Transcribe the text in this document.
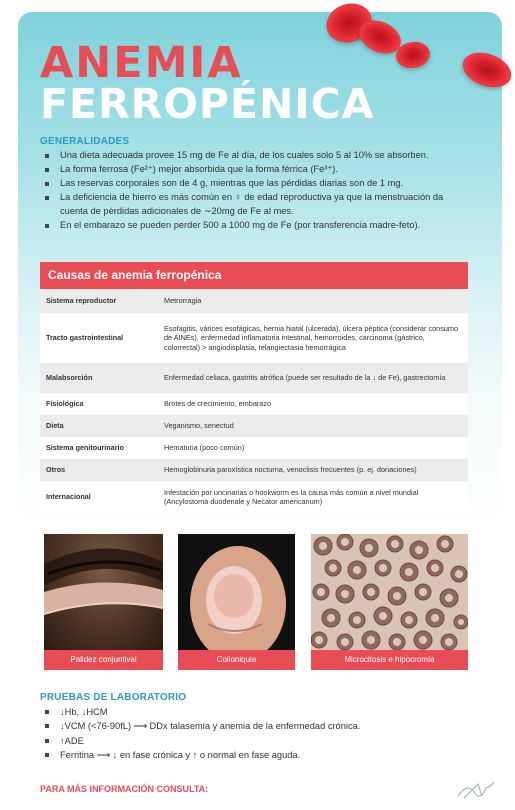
ANEMIA
FERROPÉNICA
GENERALIDADES
Una dieta adecuada provee 15 mg de Fe al día, de los cuales solo 5 al 10% se absorben.
La forma ferrosa (Fe²⁺) mejor absorbida que la forma férrica (Fe³⁺).
Las reservas corporales son de 4 g, mientras que las pérdidas diarias son de 1 mg.
La deficiencia de hierro es más común en ♀ de edad reproductiva ya que la menstruación da cuenta de pérdidas adicionales de ∼20mg de Fe al mes.
En el embarazo se pueden perder 500 a 1000 mg de Fe (por transferencia madre-feto).
Causas de anemia ferropénica
Sistema reproductor	Metrorragia
Tracto gastrointestinal	Esofagitis, várices esofágicas, hernia hiatal (ulcerada), úlcera péptica (considerar consumo de AINEs), enfermedad inflamatoria intestinal, hemorroides, carcinoma (gástrico, colorrectal) > angiodisplasia, telangiectasia hemorrágica
Malabsorción	Enfermedad celiaca, gastritis atrófica (puede ser resultado de la ↓ de Fe), gastrectomía
Fisiológica	Brotes de crecimiento, embarazo
Dieta	Veganismo, senectud
Sistema genitourinario	Hematuria (poco común)
Otros	Hemoglobinuria paroxística nocturna, venoclisis frecuentes (p. ej. donaciones)
Internacional	Infestación por uncinarias o hookworm es la causa más común a nivel mundial (Ancylostoma duodenale y Necator americanum)
Palidez conjuntival	Coiloniquia	Microcitosis e hipocromía
PRUEBAS DE LABORATORIO
↓Hb, ↓HCM
↓VCM (<76-90fL) ⟶ DDx talasemia y anemia de la enfermedad crónica.
↑ADE
Ferritina ⟶ ↓ en fase crónica y ↑ o normal en fase aguda.
PARA MÁS INFORMACIÓN CONSULTA:
